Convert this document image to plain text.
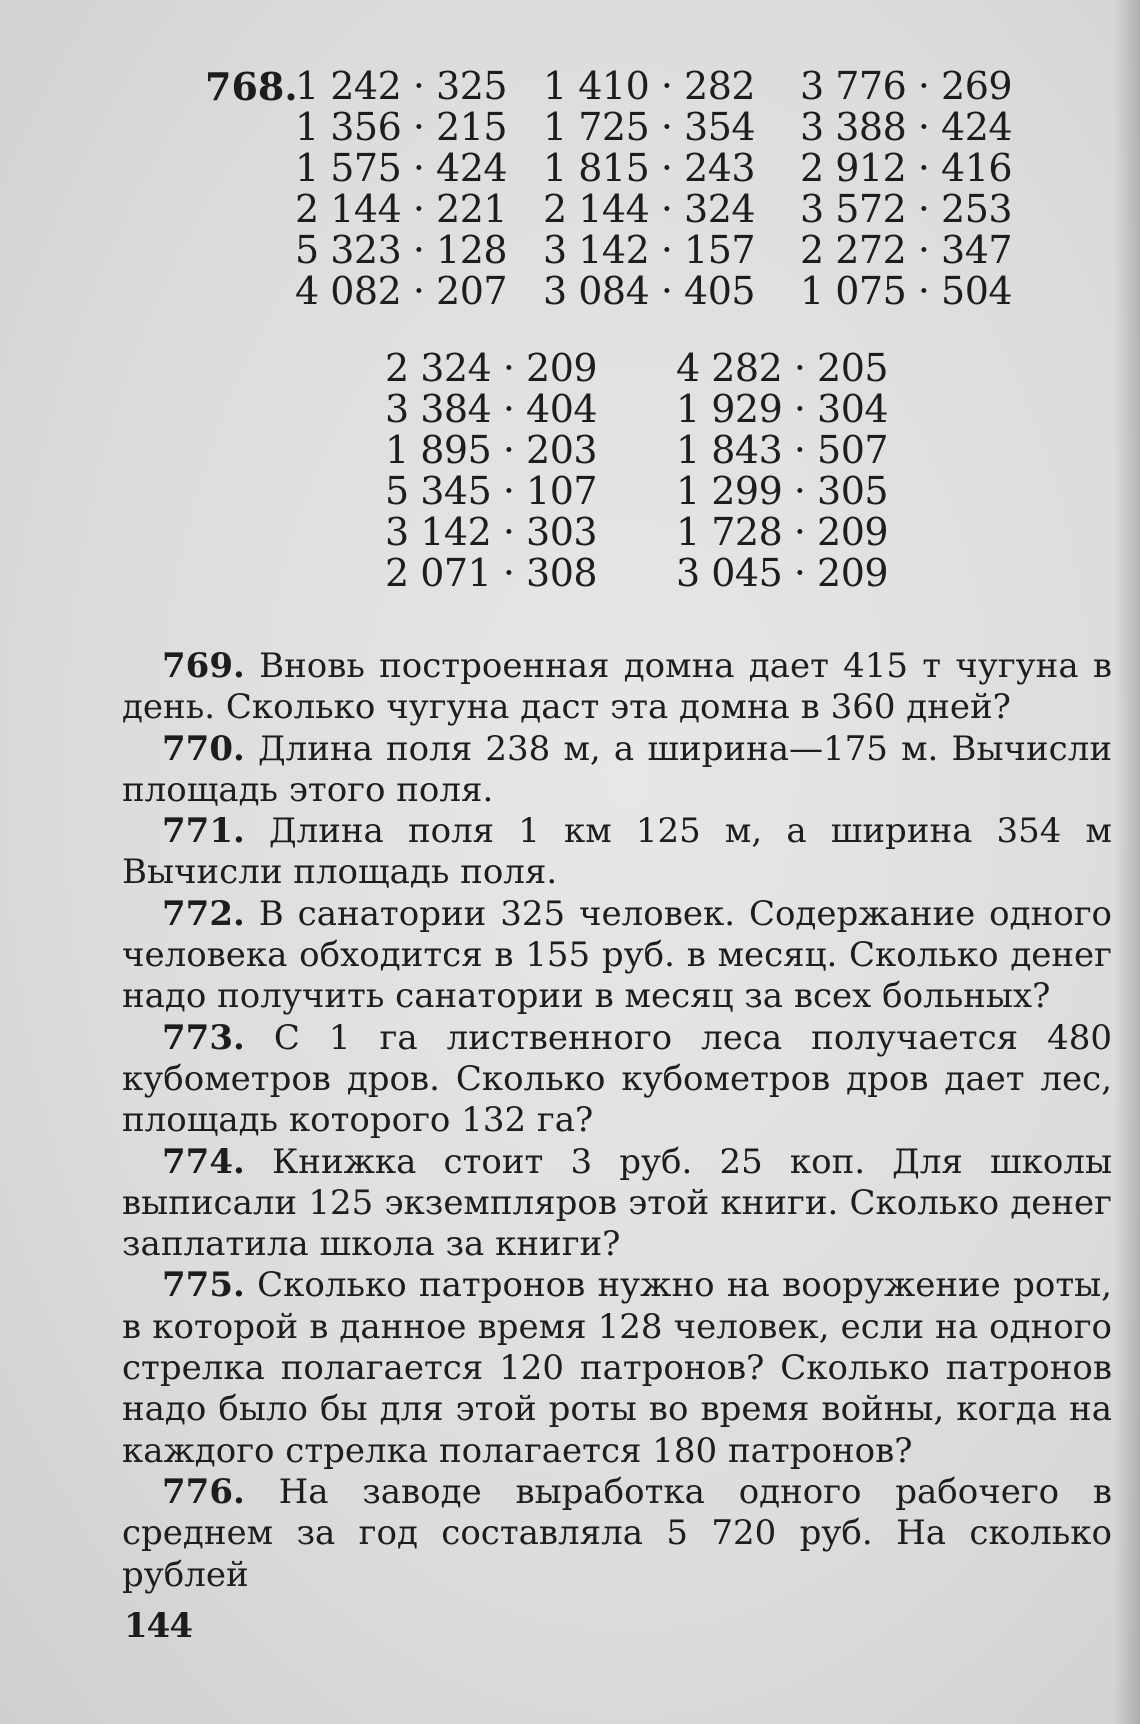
768.
1 242 · 325 1 410 · 282 3 776 · 269
1 356 · 215 1 725 · 354 3 388 · 424
1 575 · 424 1 815 · 243 2 912 · 416
2 144 · 221 2 144 · 324 3 572 · 253
5 323 · 128 3 142 · 157 2 272 · 347
4 082 · 207 3 084 · 405 1 075 · 504
2 324 · 209 4 282 · 205
3 384 · 404 1 929 · 304
1 895 · 203 1 843 · 507
5 345 · 107 1 299 · 305
3 142 · 303 1 728 · 209
2 071 · 308 3 045 · 209

769. Вновь построенная домна дает 415 т чугуна в день. Сколько чугуна даст эта домна в 360 дней?

770. Длина поля 238 м, а ширина—175 м. Вычисли площадь этого поля.

771. Длина поля 1 км 125 м, а ширина 354 м Вычисли площадь поля.

772. В санатории 325 человек. Содержание одного человека обходится в 155 руб. в месяц. Сколько денег надо получить санатории в месяц за всех больных?

773. С 1 га лиственного леса получается 480 кубометров дров. Сколько кубометров дров дает лес, площадь которого 132 га?

774. Книжка стоит 3 руб. 25 коп. Для школы выписали 125 экземпляров этой книги. Сколько денег заплатила школа за книги?

775. Сколько патронов нужно на вооружение роты, в которой в данное время 128 человек, если на одного стрелка полагается 120 патронов? Сколько патронов надо было бы для этой роты во время войны, когда на каждого стрелка полагается 180 патронов?

776. На заводе выработка одного рабочего в среднем за год составляла 5 720 руб. На сколько рублей

144
